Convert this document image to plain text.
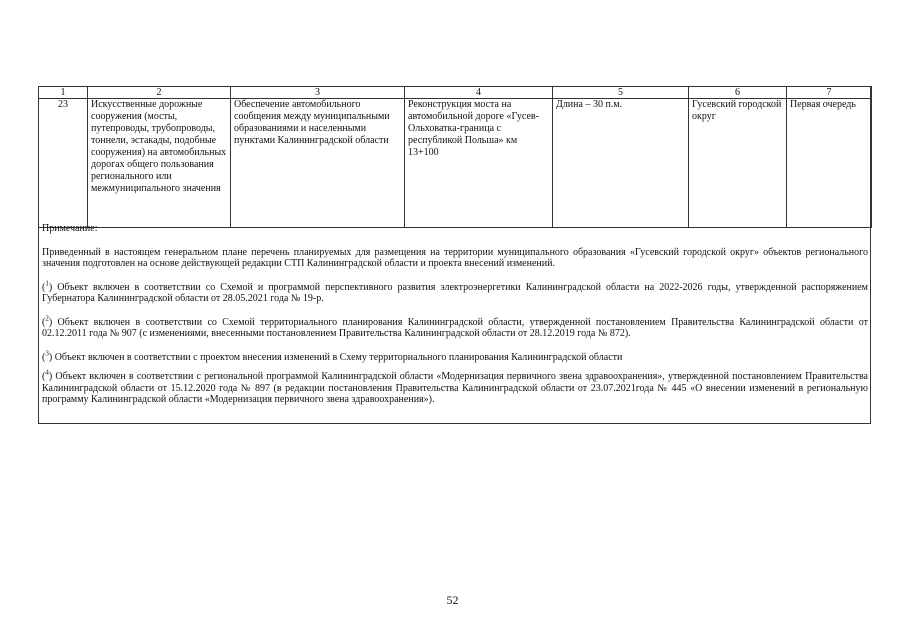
1	2	3	4	5	6	7
23	Искусственные дорожные сооружения (мосты, путепроводы, трубопроводы, тоннели, эстакады, подобные сооружения) на автомобильных дорогах общего пользования регионального или межмуниципального значения	Обеспечение автомобильного сообщения между муниципальными образованиями и населенными пунктами Калининградской области	Реконструкция моста на автомобильной дороге «Гусев-Ольховатка-граница с республикой Польша» км 13+100	Длина – 30 п.м.	Гусевский городской округ	Первая очередь
Примечание:

Приведенный в настоящем генеральном плане перечень планируемых для размещения на территории муниципального образования «Гусевский городской округ» объектов регионального значения подготовлен на основе действующей редакции СТП Калининградской области и проекта внесений изменений.

($^1$) Объект включен в соответствии со Схемой и программой перспективного развития электроэнергетики Калининградской области на 2022-2026 годы, утвержденной распоряжением Губернатора Калининградской области от 28.05.2021 года № 19-р.

($^2$) Объект включен в соответствии со Схемой территориального планирования Калининградской области, утвержденной постановлением Правительства Калининградской области от 02.12.2011 года № 907 (с изменениями, внесенными постановлением Правительства Калининградской области от 28.12.2019 года № 872).

($^3$) Объект включен в соответствии с проектом внесения изменений в Схему территориального планирования Калининградской области

($^4$) Объект включен в соответствии с региональной программой Калининградской области «Модернизация первичного звена здравоохранения», утвержденной постановлением Правительства Калининградской области от 15.12.2020 года № 897 (в редакции постановления Правительства Калининградской области от 23.07.2021года № 445 «О внесении изменений в региональную программу Калининградской области «Модернизация первичного звена здравоохранения»).

52
